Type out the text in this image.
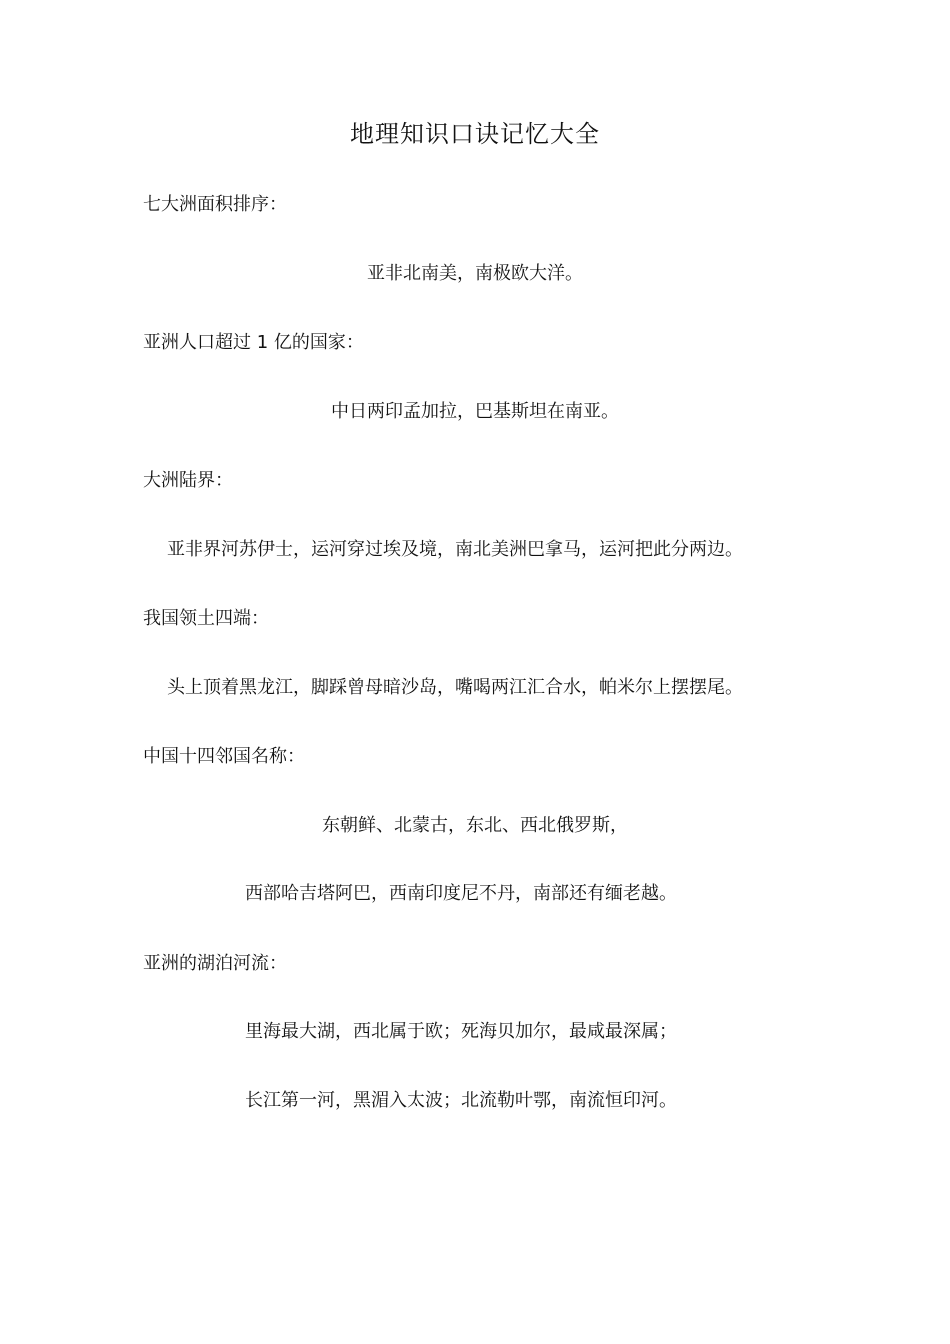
地理知识口诀记忆大全
七大洲面积排序：
亚非北南美，南极欧大洋。
亚洲人口超过 1 亿的国家：
中日两印孟加拉，巴基斯坦在南亚。
大洲陆界：
亚非界河苏伊士，运河穿过埃及境，南北美洲巴拿马，运河把此分两边。
我国领土四端：
头上顶着黑龙江，脚踩曾母暗沙岛，嘴喝两江汇合水，帕米尔上摆摆尾。
中国十四邻国名称：
东朝鲜、北蒙古，东北、西北俄罗斯，
西部哈吉塔阿巴，西南印度尼不丹，南部还有缅老越。
亚洲的湖泊河流：
里海最大湖，西北属于欧；死海贝加尔，最咸最深属；
长江第一河，黑湄入太波；北流勒叶鄂，南流恒印河。
